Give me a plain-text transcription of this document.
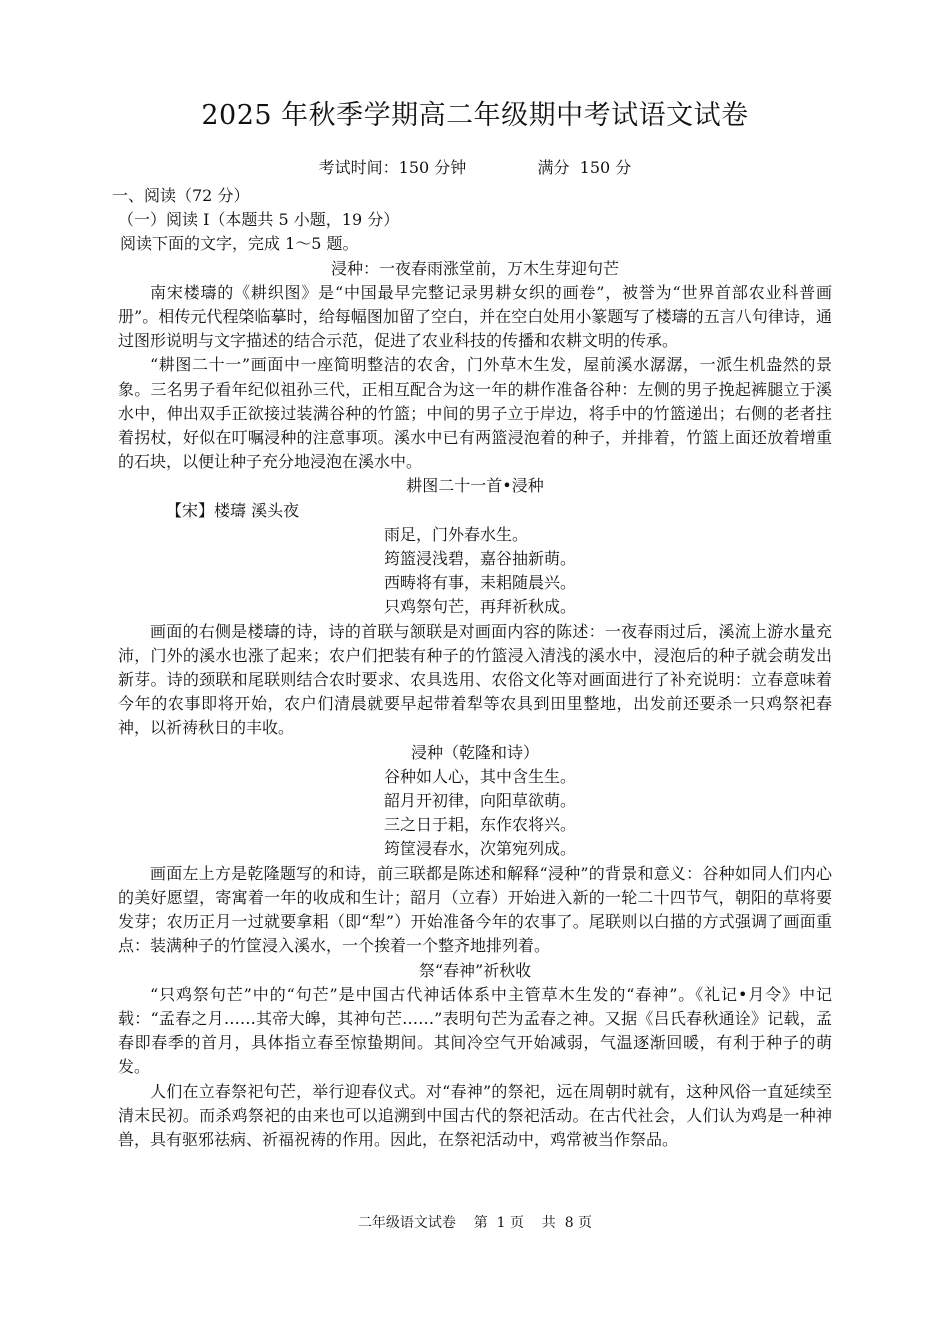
2025 年秋季学期高二年级期中考试语文试卷
考试时间：150 分钟              满分  150 分

一、阅读（72 分）

（一）阅读 Ⅰ（本题共 5 小题，19 分）

阅读下面的文字，完成 1～5 题。

浸种：一夜春雨涨堂前，万木生芽迎句芒

南宋楼璹的《耕织图》是“中国最早完整记录男耕女织的画卷”，被誉为“世界首部农业科普画册”。相传元代程棨临摹时，给每幅图加留了空白，并在空白处用小篆题写了楼璹的五言八句律诗，通过图形说明与文字描述的结合示范，促进了农业科技的传播和农耕文明的传承。

“耕图二十一”画面中一座简明整洁的农舍，门外草木生发，屋前溪水潺潺，一派生机盎然的景象。三名男子看年纪似祖孙三代，正相互配合为这一年的耕作准备谷种：左侧的男子挽起裤腿立于溪水中，伸出双手正欲接过装满谷种的竹篮；中间的男子立于岸边，将手中的竹篮递出；右侧的老者拄着拐杖，好似在叮嘱浸种的注意事项。溪水中已有两篮浸泡着的种子，并排着，竹篮上面还放着增重的石块，以便让种子充分地浸泡在溪水中。

耕图二十一首•浸种

【宋】楼璹 溪头夜

雨足，门外春水生。
筠篮浸浅碧，嘉谷抽新萌。
西畴将有事，耒耜随晨兴。
只鸡祭句芒，再拜祈秋成。

画面的右侧是楼璹的诗，诗的首联与颔联是对画面内容的陈述：一夜春雨过后，溪流上游水量充沛，门外的溪水也涨了起来；农户们把装有种子的竹篮浸入清浅的溪水中，浸泡后的种子就会萌发出新芽。诗的颈联和尾联则结合农时要求、农具选用、农俗文化等对画面进行了补充说明：立春意味着今年的农事即将开始，农户们清晨就要早起带着犁等农具到田里整地，出发前还要杀一只鸡祭祀春神，以祈祷秋日的丰收。

浸种（乾隆和诗）

谷种如人心，其中含生生。
韶月开初律，向阳草欲萌。
三之日于耜，东作农将兴。
筠筐浸春水，次第宛列成。

画面左上方是乾隆题写的和诗，前三联都是陈述和解释“浸种”的背景和意义：谷种如同人们内心的美好愿望，寄寓着一年的收成和生计；韶月（立春）开始进入新的一轮二十四节气，朝阳的草将要发芽；农历正月一过就要拿耜（即“犁”）开始准备今年的农事了。尾联则以白描的方式强调了画面重点：装满种子的竹筐浸入溪水，一个挨着一个整齐地排列着。

祭“春神”祈秋收

“只鸡祭句芒”中的“句芒”是中国古代神话体系中主管草木生发的“春神”。《礼记•月令》中记载：“孟春之月……其帝大皞，其神句芒……”表明句芒为孟春之神。又据《吕氏春秋通诠》记载，孟春即春季的首月，具体指立春至惊蛰期间。其间冷空气开始减弱，气温逐渐回暖，有利于种子的萌发。

人们在立春祭祀句芒，举行迎春仪式。对“春神”的祭祀，远在周朝时就有，这种风俗一直延续至清末民初。而杀鸡祭祀的由来也可以追溯到中国古代的祭祀活动。在古代社会，人们认为鸡是一种神兽，具有驱邪祛病、祈福祝祷的作用。因此，在祭祀活动中，鸡常被当作祭品。

二年级语文试卷    第  1 页    共  8 页
